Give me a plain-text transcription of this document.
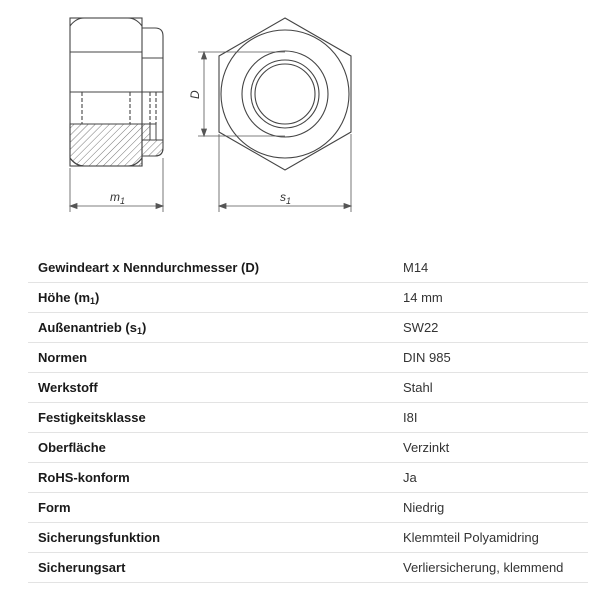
$m_1$
D
$s_1$
Gewindeart x Nenndurchmesser (D)	M14
Höhe $(m_1)$	14 mm
Außenantrieb $(s_1)$	SW22
Normen	DIN 985
Werkstoff	Stahl
Festigkeitsklasse	I8I
Oberfläche	Verzinkt
RoHS-konform	Ja
Form	Niedrig
Sicherungsfunktion	Klemmteil Polyamidring
Sicherungsart	Verliersicherung, klemmend
